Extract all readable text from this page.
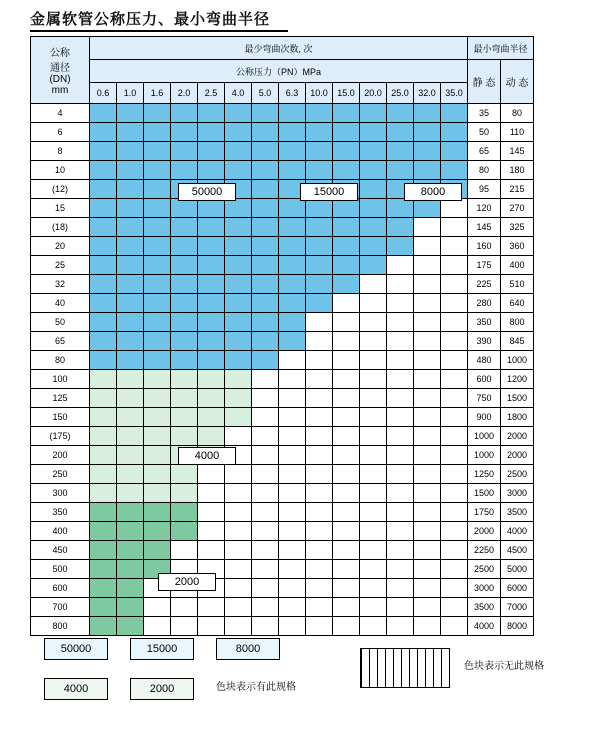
金属软管公称压力、最小弯曲半径
公称
通径
(DN)
mm	最少弯曲次数, 次														最小弯曲半径	
	公称压力（PN）MPa														静 态	动 态
	0.6	1.0	1.6	2.0	2.5	4.0	5.0	6.3	10.0	15.0	20.0	25.0	32.0	35.0		
4															35	80
6															50	110
8															65	145
10															80	180
(12)															95	215
15															120	270
(18)															145	325
20															160	360
25															175	400
32															225	510
40															280	640
50															350	800
65															390	845
80															480	1000
100															600	1200
125															750	1500
150															900	1800
(175)															1000	2000
200															1000	2000
250															1250	2500
300															1500	3000
350															1750	3500
400															2000	4000
450															2250	4500
500															2500	5000
600															3000	6000
700															3500	7000
800															4000	8000
50000	15000	8000
4000
2000
50000	15000	8000
4000	2000	色块表示有此规格
色块表示无此规格
